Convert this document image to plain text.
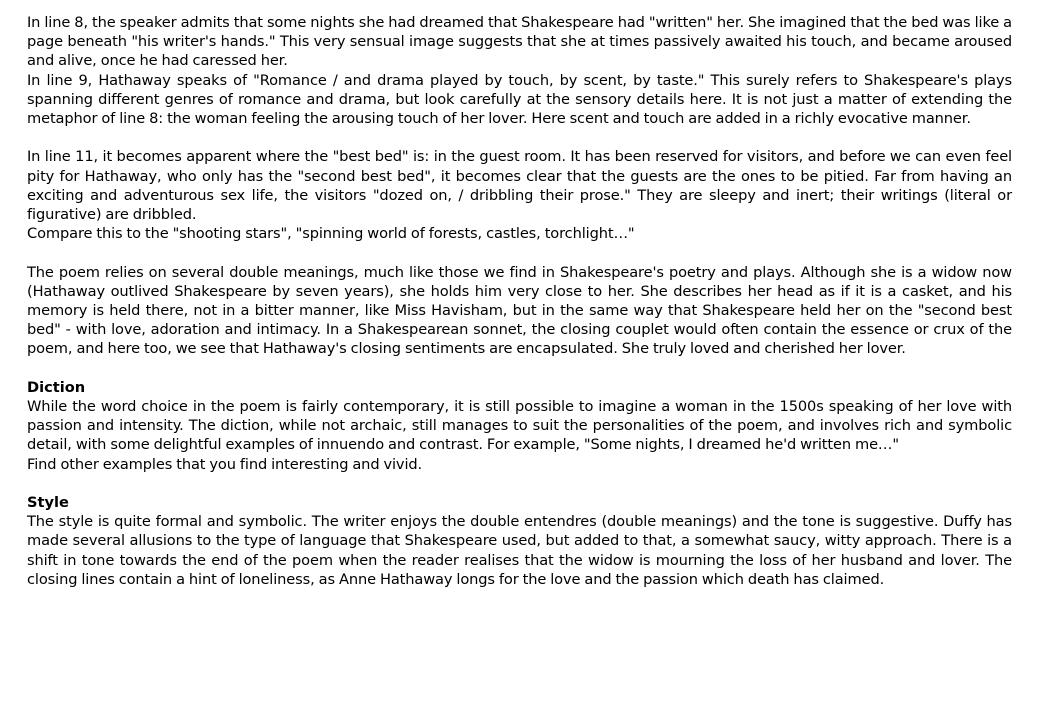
In line 8, the speaker admits that some nights she had dreamed that Shakespeare had "written" her. She imagined that the bed was like a page beneath "his writer's hands." This very sensual image suggests that she at times passively awaited his touch, and became aroused and alive, once he had caressed her.

In line 9, Hathaway speaks of "Romance / and drama played by touch, by scent, by taste." This surely refers to Shakespeare's plays spanning different genres of romance and drama, but look carefully at the sensory details here. It is not just a matter of extending the metaphor of line 8: the woman feeling the arousing touch of her lover. Here scent and touch are added in a richly evocative manner.

In line 11, it becomes apparent where the "best bed" is: in the guest room. It has been reserved for visitors, and before we can even feel pity for Hathaway, who only has the "second best bed", it becomes clear that the guests are the ones to be pitied. Far from having an exciting and adventurous sex life, the visitors "dozed on, / dribbling their prose." They are sleepy and inert; their writings (literal or figurative) are dribbled.

Compare this to the "shooting stars", "spinning world of forests, castles, torchlight…"

The poem relies on several double meanings, much like those we find in Shakespeare's poetry and plays. Although she is a widow now (Hathaway outlived Shakespeare by seven years), she holds him very close to her. She describes her head as if it is a casket, and his memory is held there, not in a bitter manner, like Miss Havisham, but in the same way that Shakespeare held her on the "second best bed" - with love, adoration and intimacy. In a Shakespearean sonnet, the closing couplet would often contain the essence or crux of the poem, and here too, we see that Hathaway's closing sentiments are encapsulated. She truly loved and cherished her lover.

Diction

While the word choice in the poem is fairly contemporary, it is still possible to imagine a woman in the 1500s speaking of her love with passion and intensity. The diction, while not archaic, still manages to suit the personalities of the poem, and involves rich and symbolic detail, with some delightful examples of innuendo and contrast. For example, "Some nights, I dreamed he'd written me…"

Find other examples that you find interesting and vivid.

Style

The style is quite formal and symbolic. The writer enjoys the double entendres (double meanings) and the tone is suggestive. Duffy has made several allusions to the type of language that Shakespeare used, but added to that, a somewhat saucy, witty approach. There is a shift in tone towards the end of the poem when the reader realises that the widow is mourning the loss of her husband and lover. The closing lines contain a hint of loneliness, as Anne Hathaway longs for the love and the passion which death has claimed.
